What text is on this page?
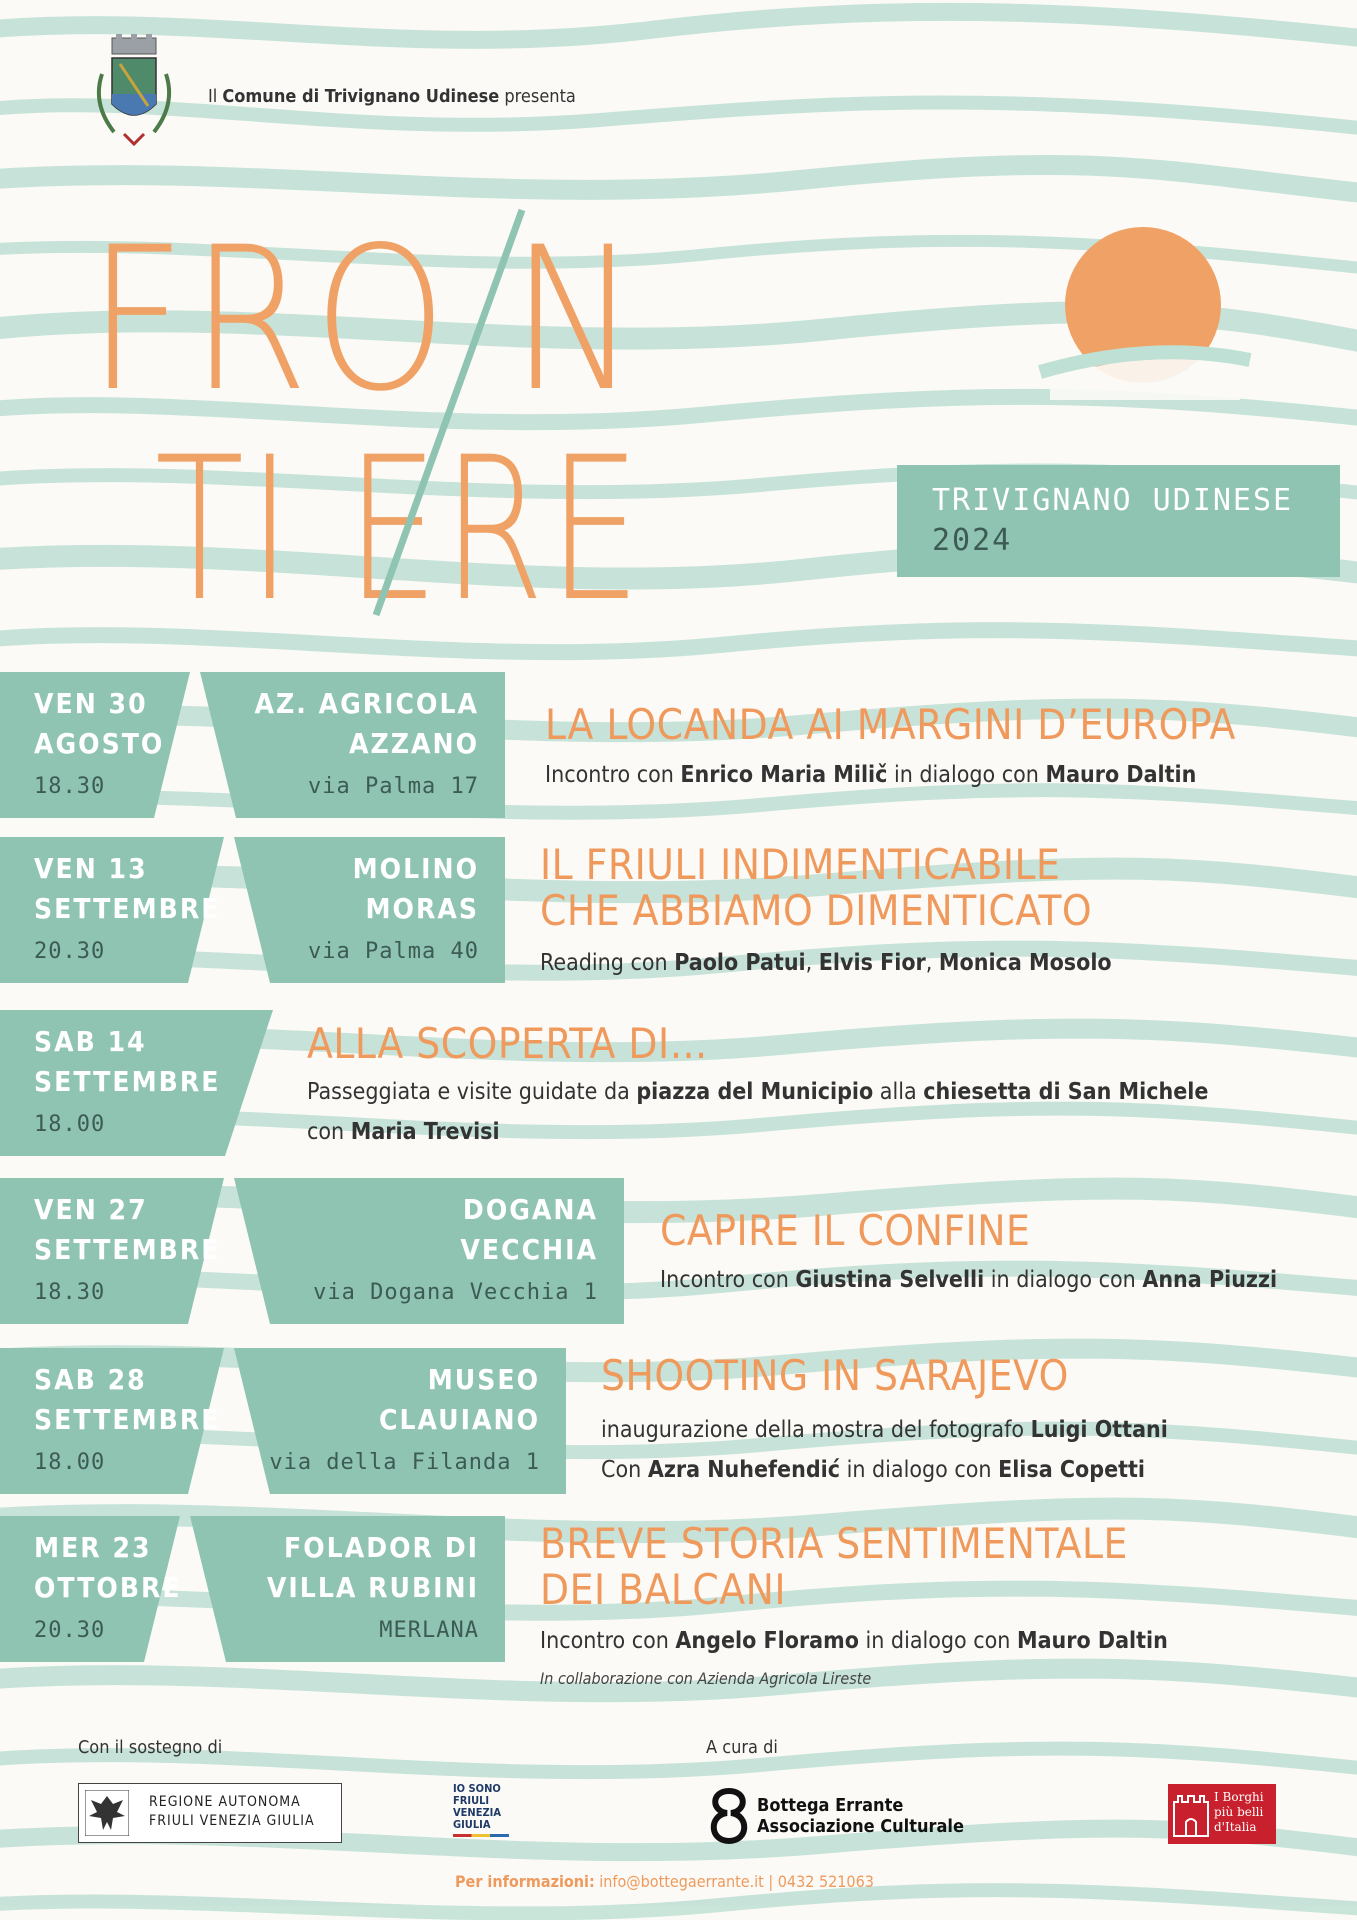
Il Comune di Trivignano Udinese presenta
FRO N
TI ERE	TRIVIGNANO UDINESE
2024
VEN 30
AGOSTO
18.30
AZ. AGRICOLA
AZZANO
via Palma 17
LA LOCANDA AI MARGINI D’EUROPA
Incontro con Enrico Maria Milič in dialogo con Mauro Daltin
VEN 13
SETTEMBRE
20.30
MOLINO
MORAS
via Palma 40
IL FRIULI INDIMENTICABILE
CHE ABBIAMO DIMENTICATO
Reading con Paolo Patui, Elvis Fior, Monica Mosolo
SAB 14
SETTEMBRE
18.00
ALLA SCOPERTA DI…
Passeggiata e visite guidate da piazza del Municipio alla chiesetta di San Michele
con Maria Trevisi
VEN 27
SETTEMBRE
18.30
DOGANA
VECCHIA
via Dogana Vecchia 1
CAPIRE IL CONFINE
Incontro con Giustina Selvelli in dialogo con Anna Piuzzi
SAB 28
SETTEMBRE
18.00
MUSEO
CLAUIANO
via della Filanda 1
SHOOTING IN SARAJEVO
inaugurazione della mostra del fotografo Luigi Ottani
Con Azra Nuhefendić in dialogo con Elisa Copetti
MER 23
OTTOBRE
20.30
FOLADOR DI
VILLA RUBINI
MERLANA
BREVE STORIA SENTIMENTALE
DEI BALCANI
Incontro con Angelo Floramo in dialogo con Mauro Daltin
In collaborazione con Azienda Agricola Lireste
Con il sostegno di	A cura di
REGIONE AUTONOMA
FRIULI VENEZIA GIULIA
IO SONO
FRIULI
VENEZIA
GIULIA
Bottega Errante
Associazione Culturale
I Borghi
più belli
d'Italia
Per informazioni: info@bottegaerrante.it | 0432 521063
